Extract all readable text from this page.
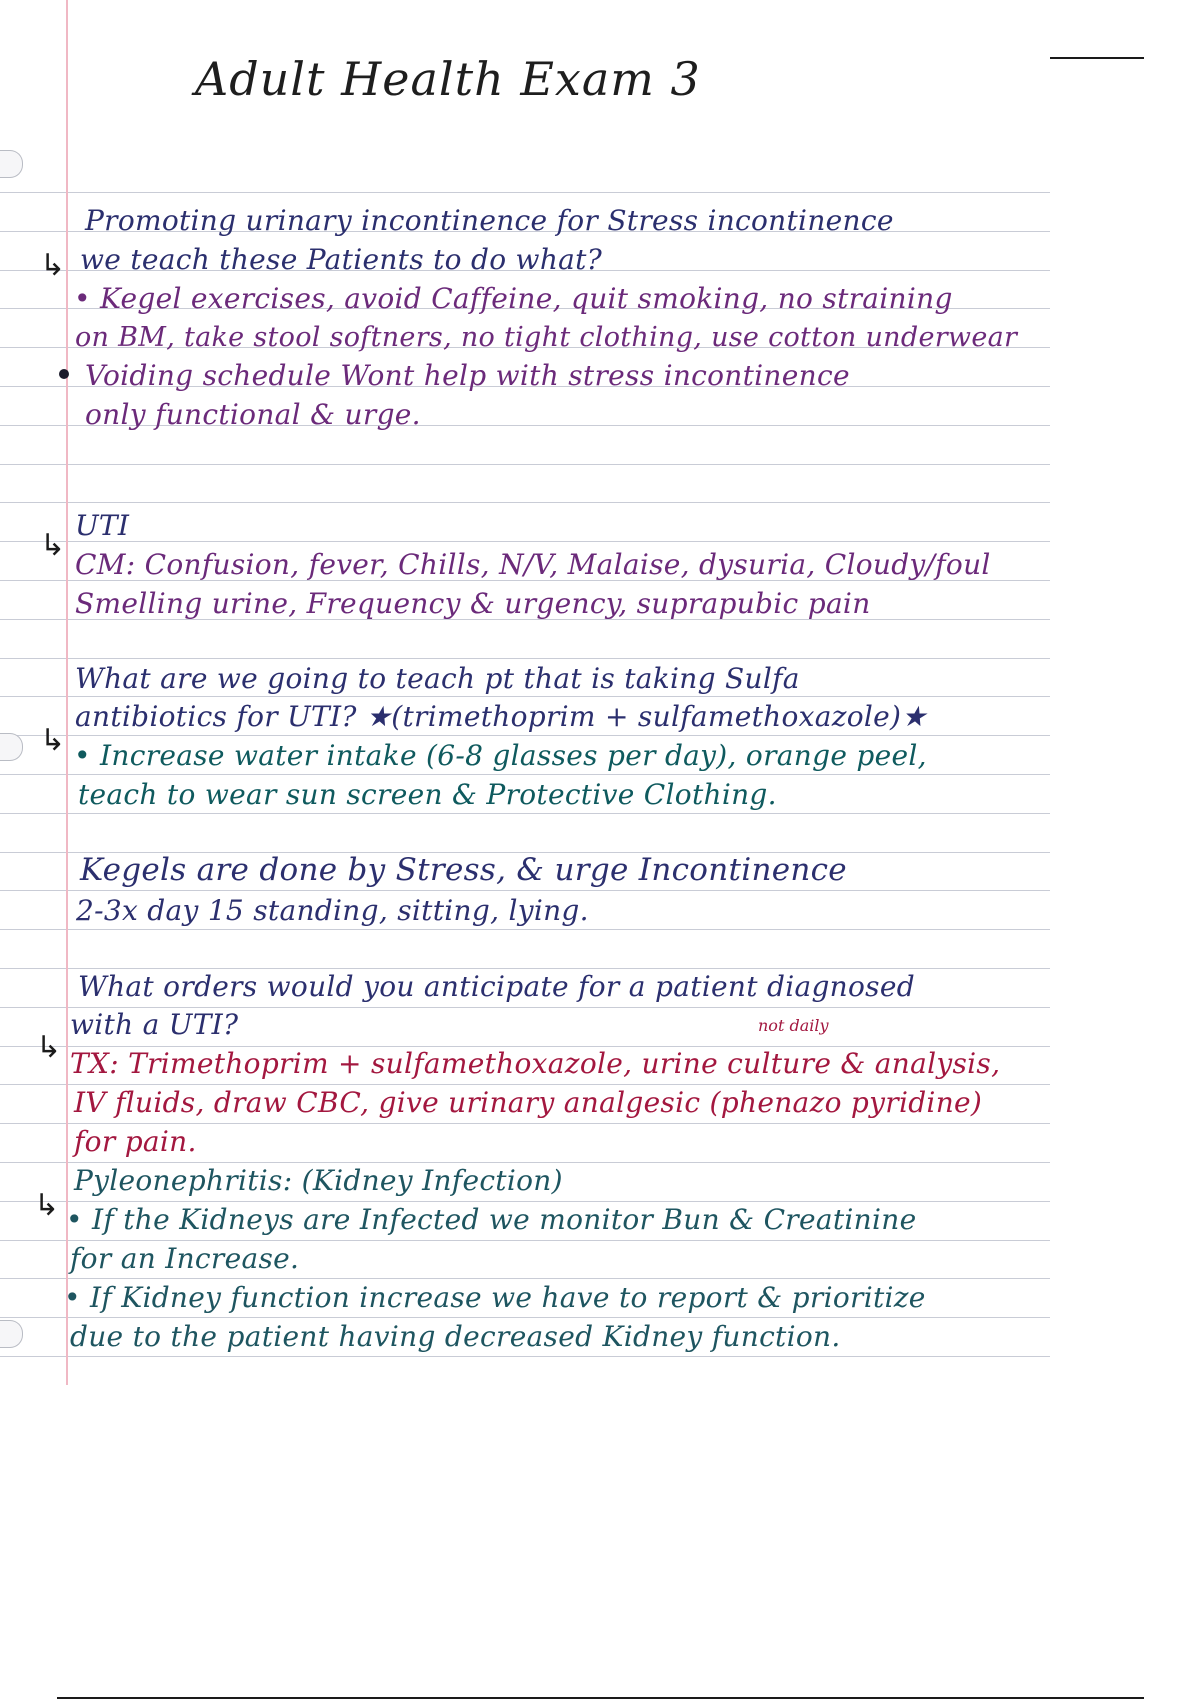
Adult Health Exam 3
Promoting urinary incontinence for Stress incontinence
↳ we teach these Patients to do what?
• Kegel exercises, avoid Caffeine, quit smoking, no straining
on BM, take stool softners, no tight clothing, use cotton underwear
Voiding schedule Wont help with stress incontinence
only functional & urge.
UTI
↳
CM: Confusion, fever, Chills, N/V, Malaise, dysuria, Cloudy/foul
Smelling urine, Frequency & urgency, suprapubic pain
What are we going to teach pt that is taking Sulfa
antibiotics for UTI? ★(trimethoprim + sulfamethoxazole)★
↳ • Increase water intake (6-8 glasses per day), orange peel,
teach to wear sun screen & Protective Clothing.
Kegels are done by Stress, & urge Incontinence
2-3x day 15 standing, sitting, lying.
What orders would you anticipate for a patient diagnosed
↳
with a UTI?	not daily
TX: Trimethoprim + sulfamethoxazole, urine culture & analysis,
IV fluids, draw CBC, give urinary analgesic (phenazo pyridine)
for pain.
Pyleonephritis: (Kidney Infection)
↳ • If the Kidneys are Infected we monitor Bun & Creatinine
for an Increase.
• If Kidney function increase we have to report & prioritize
due to the patient having decreased Kidney function.
